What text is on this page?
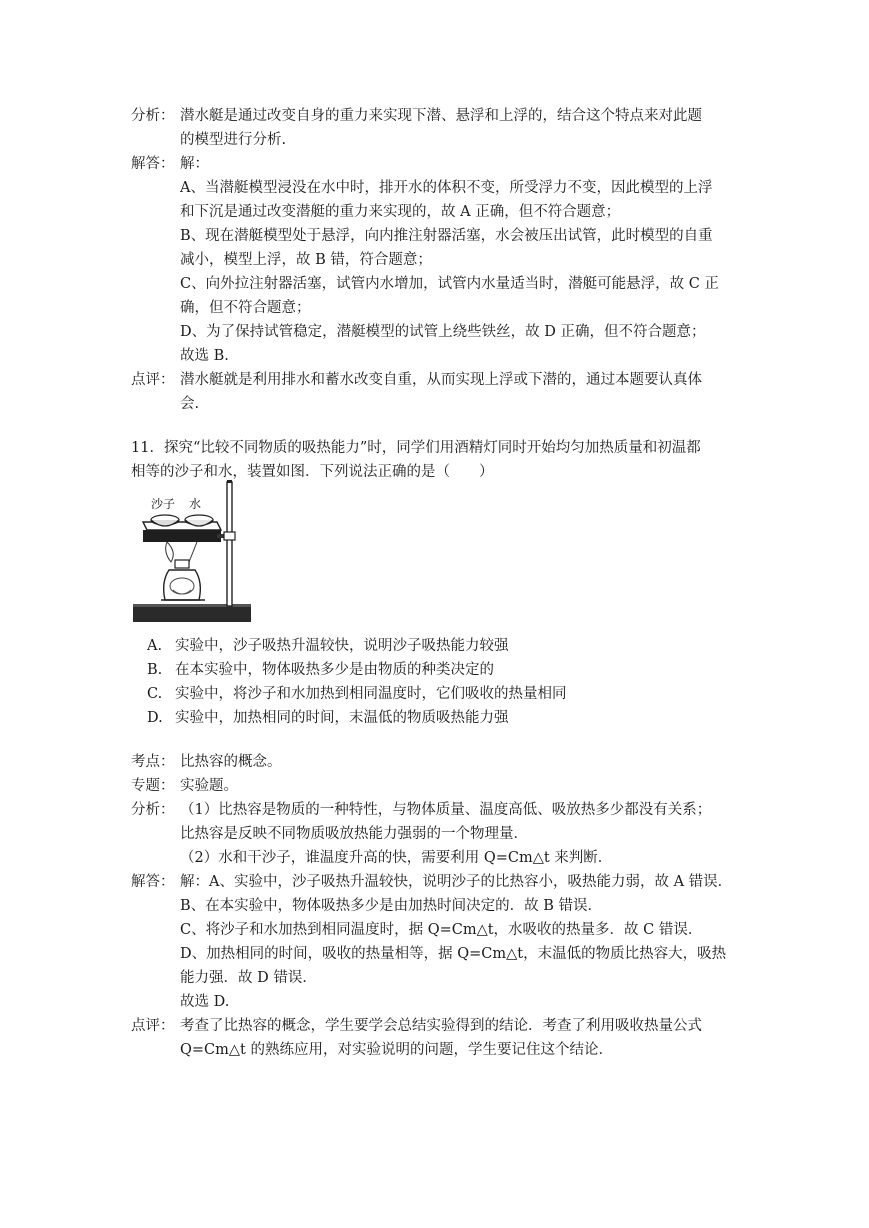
分析： 潜水艇是通过改变自身的重力来实现下潜、悬浮和上浮的，结合这个特点来对此题
的模型进行分析.
解答： 解：
A、当潜艇模型浸没在水中时，排开水的体积不变，所受浮力不变，因此模型的上浮
和下沉是通过改变潜艇的重力来实现的，故 A 正确，但不符合题意；
B、现在潜艇模型处于悬浮，向内推注射器活塞，水会被压出试管，此时模型的自重
减小，模型上浮，故 B 错，符合题意；
C、向外拉注射器活塞，试管内水增加，试管内水量适当时，潜艇可能悬浮，故 C 正
确，但不符合题意；
D、为了保持试管稳定，潜艇模型的试管上绕些铁丝，故 D 正确，但不符合题意；
故选 B.
点评： 潜水艇就是利用排水和蓄水改变自重，从而实现上浮或下潜的，通过本题要认真体
会.
11．探究“比较不同物质的吸热能力”时，同学们用酒精灯同时开始均匀加热质量和初温都
相等的沙子和水，装置如图．下列说法正确的是（　　）
沙子 水
A. 实验中，沙子吸热升温较快，说明沙子吸热能力较强
B. 在本实验中，物体吸热多少是由物质的种类决定的
C. 实验中，将沙子和水加热到相同温度时，它们吸收的热量相同
D. 实验中，加热相同的时间，末温低的物质吸热能力强
考点： 比热容的概念。
专题： 实验题。
分析： （1）比热容是物质的一种特性，与物体质量、温度高低、吸放热多少都没有关系；
比热容是反映不同物质吸放热能力强弱的一个物理量．
（2）水和干沙子，谁温度升高的快，需要利用 Q=Cm△t 来判断．
解答： 解：A、实验中，沙子吸热升温较快，说明沙子的比热容小，吸热能力弱，故 A 错误．
B、在本实验中，物体吸热多少是由加热时间决定的．故 B 错误．
C、将沙子和水加热到相同温度时，据 Q=Cm△t，水吸收的热量多．故 C 错误．
D、加热相同的时间，吸收的热量相等，据 Q=Cm△t，末温低的物质比热容大，吸热
能力强．故 D 错误．
故选 D.
点评： 考查了比热容的概念，学生要学会总结实验得到的结论．考查了利用吸收热量公式
Q=Cm△t 的熟练应用，对实验说明的问题，学生要记住这个结论．
